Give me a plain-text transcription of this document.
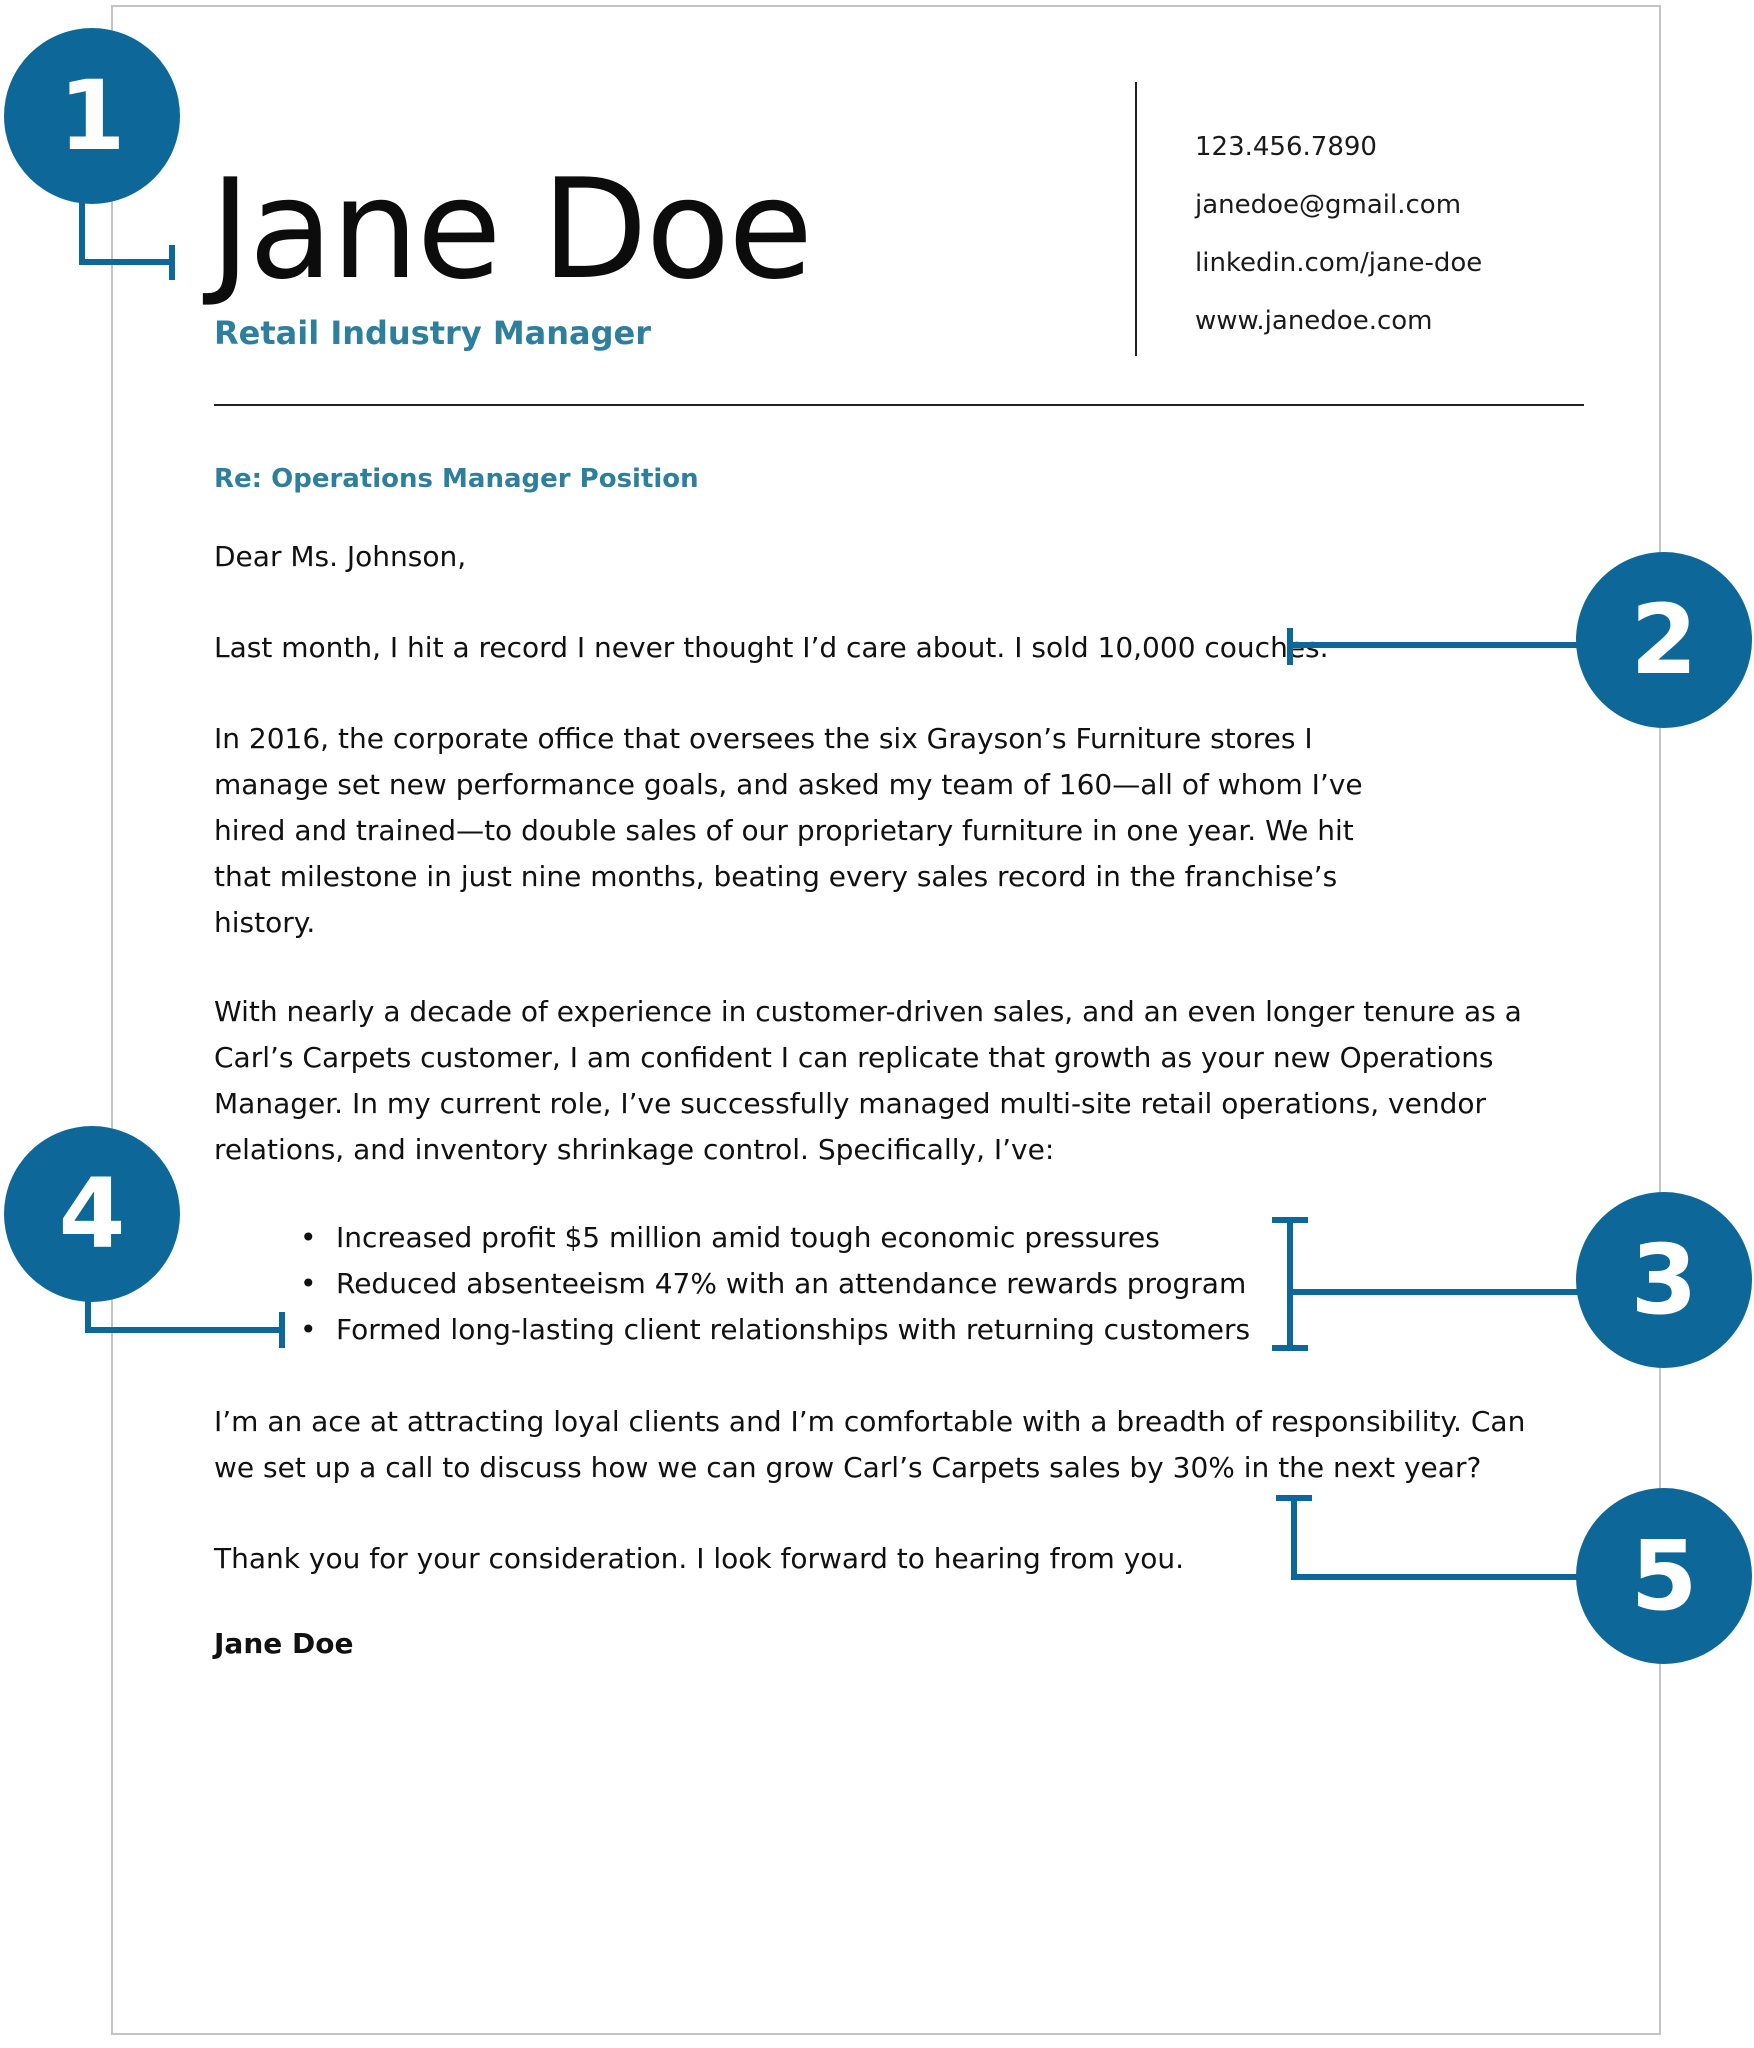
Jane Doe
Retail Industry Manager
123.456.7890
janedoe@gmail.com
linkedin.com/jane-doe
www.janedoe.com
Re: Operations Manager Position
Dear Ms. Johnson,
Last month, I hit a record I never thought I’d care about. I sold 10,000 couches.
In 2016, the corporate office that oversees the six Grayson’s Furniture stores I
manage set new performance goals, and asked my team of 160—all of whom I’ve
hired and trained—to double sales of our proprietary furniture in one year. We hit
that milestone in just nine months, beating every sales record in the franchise’s
history.
With nearly a decade of experience in customer-driven sales, and an even longer tenure as a
Carl’s Carpets customer, I am confident I can replicate that growth as your new Operations
Manager. In my current role, I’ve successfully managed multi-site retail operations, vendor
relations, and inventory shrinkage control. Specifically, I’ve:
• Increased profit $5 million amid tough economic pressures
• Reduced absenteeism 47% with an attendance rewards program
• Formed long-lasting client relationships with returning customers
I’m an ace at attracting loyal clients and I’m comfortable with a breadth of responsibility. Can
we set up a call to discuss how we can grow Carl’s Carpets sales by 30% in the next year?
Thank you for your consideration. I look forward to hearing from you.
Jane Doe
1
2
3
4
5
